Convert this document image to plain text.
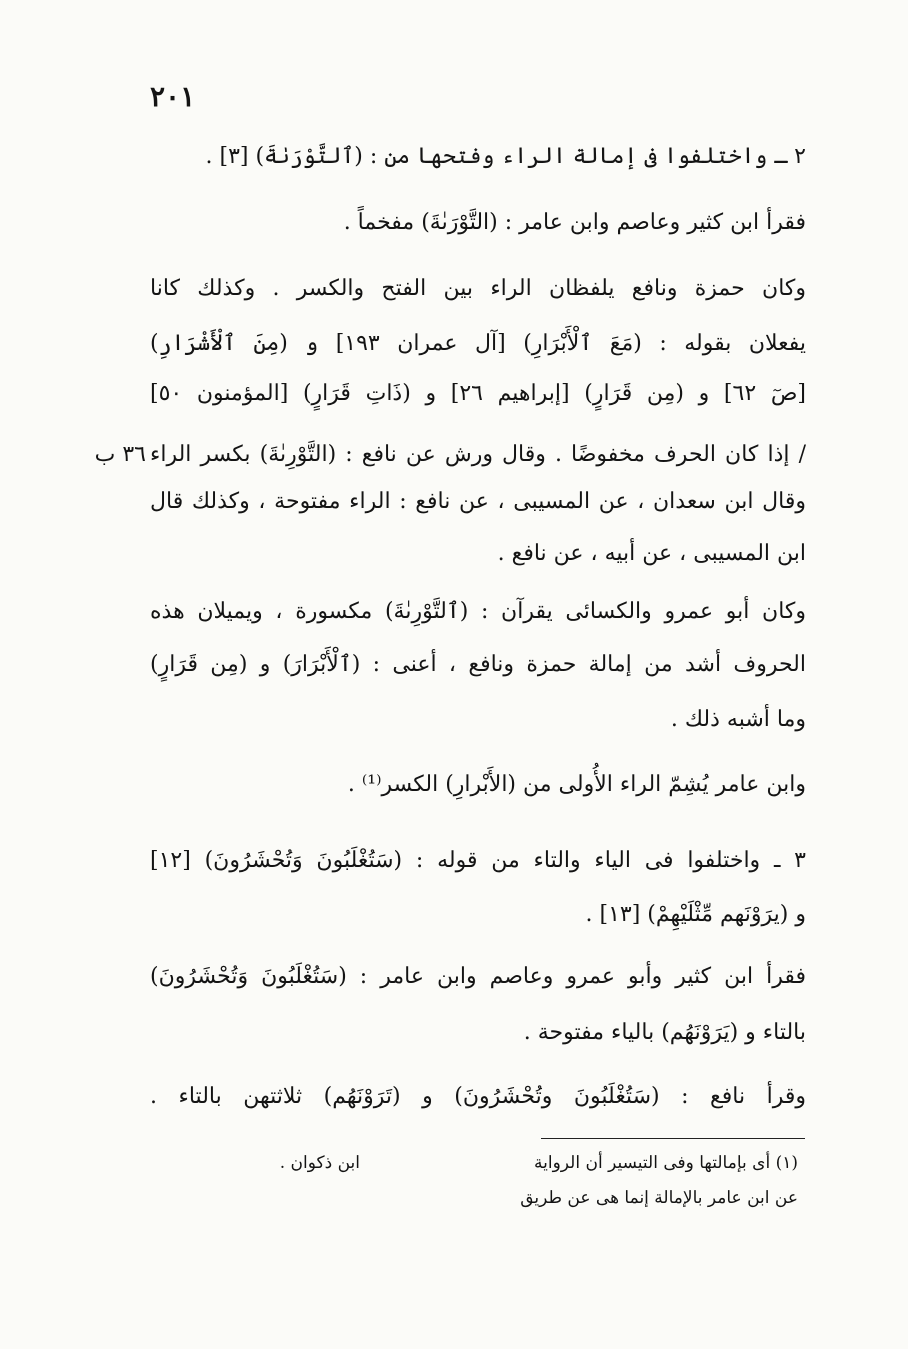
٢٠١
٢ ـ واختلفوا فى إمالة الراء وفتحها من : (ٱلتَّوْرَىٰةَ) [٣] .
فقرأ ابن كثير وعاصم وابن عامر : (التَّوْرَىٰةَ) مفخماً .
وكان حمزة ونافع يلفظان الراء بين الفتح والكسر . وكذلك كانا
يفعلان بقوله : (مَعَ ٱلْأَبْرَارِ) [آل عمران ١٩٣] و (مِنَ ٱلْأَشْرَارِ)
[صٓ ٦٢] و (مِن قَرَارٍ) [إبراهيم ٢٦] و (ذَاتِ قَرَارٍ) [المؤمنون ٥٠]
/ إذا كان الحرف مخفوضًا . وقال ورش عن نافع : (التَّوْرِىٰةَ) بكسر الراء
٣٦ ب
وقال ابن سعدان ، عن المسيبى ، عن نافع : الراء مفتوحة ، وكذلك قال
ابن المسيبى ، عن أبيه ، عن نافع .
وكان أبو عمرو والكسائى يقرآن : (ٱلتَّوْرِىٰةَ) مكسورة ، ويميلان هذه
الحروف أشد من إمالة حمزة ونافع ، أعنى : (ٱلْأَبْرَارَ) و (مِن قَرَارٍ)
وما أشبه ذلك .
وابن عامر يُشِمّ الراء الأُولى من (الأَبْرارِ) الكسر⁽¹⁾ .
٣ ـ واختلفوا فى الياء والتاء من قوله : (سَتُغْلَبُونَ وَتُحْشَرُونَ) [١٢]
و (يرَوْنَهم مِّثْلَيْهِمْ) [١٣] .
فقرأ ابن كثير وأبو عمرو وعاصم وابن عامر : (سَتُغْلَبُونَ وَتُحْشَرُونَ)
بالتاء و (يَرَوْنَهُم) بالياء مفتوحة .
وقرأ نافع : (سَتُغْلَبُونَ وتُحْشَرُونَ) و (تَرَوْنَهُم) ثلاثتهن بالتاء .
(١) أى بإمالتها وفى التيسير أن الرواية
ابن ذكوان .
عن ابن عامر بالإمالة إنما هى عن طريق
